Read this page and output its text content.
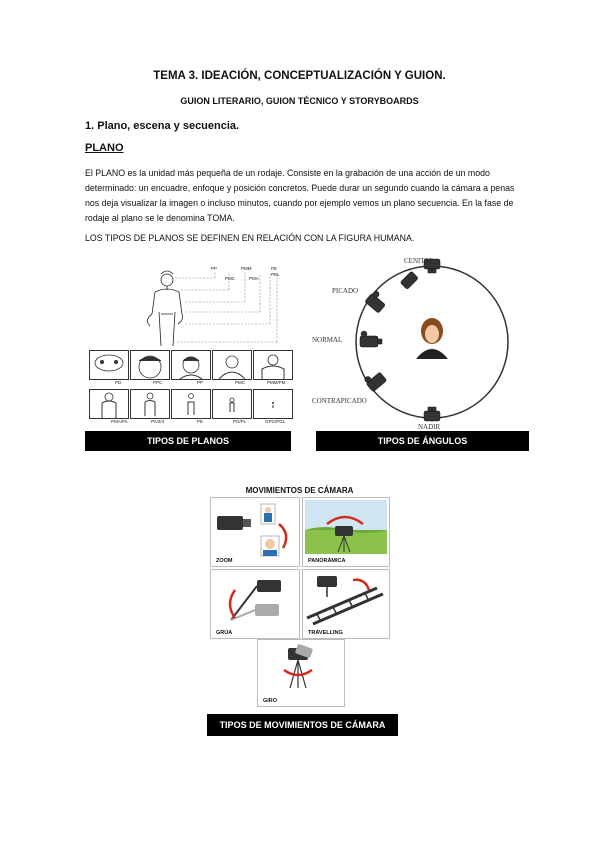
TEMA 3. IDEACIÓN, CONCEPTUALIZACIÓN Y GUION.
GUION LITERARIO, GUION TÉCNICO Y STORYBOARDS
1. Plano, escena y secuencia.
PLANO
El PLANO es la unidad más pequeña de un rodaje. Consiste en la grabación de una acción de un modo determinado: un encuadre, enfoque y posición concretos. Puede durar un segundo cuando la cámara a penas nos deja visualizar la imagen o incluso minutos, cuando por ejemplo vemos un plano secuencia. En la fase de rodaje al plano se le denomina TOMA.
LOS TIPOS DE PLANOS SE DEFINEN EN RELACIÓN CON LA FIGURA HUMANA.
PP
PMC
PMM
PMA
PE
PEL
PD	PPC	PP	PMC	PMM/PM
PMA/PA	PA/3/4	PE	PG/PL	GPG/PGL
TIPOS DE PLANOS
CENITAL
PICADO
NORMAL
CONTRAPICADO
NADIR
TIPOS DE ÁNGULOS
MOVIMIENTOS DE CÁMARA
ZOOM	PANORÁMICA
GRÚA	TRAVELLING
GIRO
TIPOS DE MOVIMIENTOS DE CÁMARA
